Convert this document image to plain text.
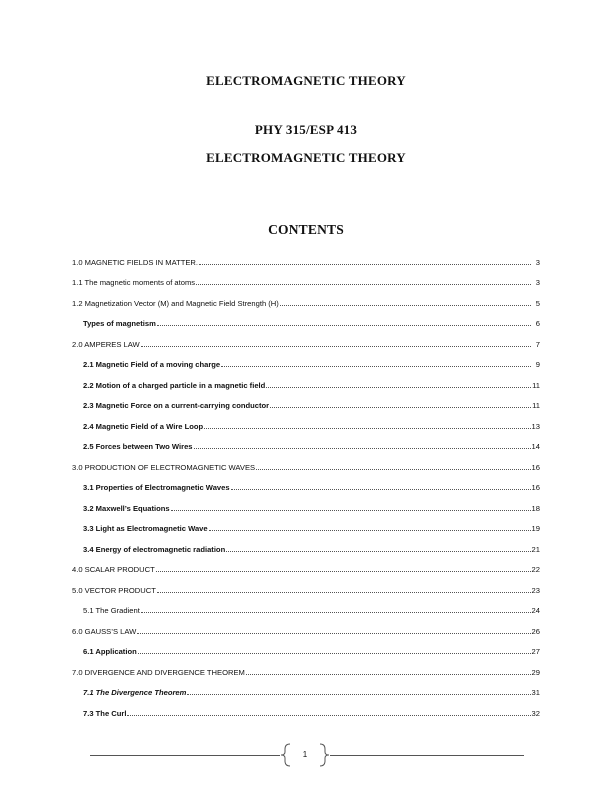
ELECTROMAGNETIC THEORY
PHY 315/ESP 413
ELECTROMAGNETIC THEORY
CONTENTS
1.0 MAGNETIC FIELDS IN MATTER.	3
1.1 The magnetic moments of atoms	3
1.2 Magnetization Vector (M) and Magnetic Field Strength (H)	5
Types of magnetism	6
2.0 AMPERES LAW	7
2.1 Magnetic Field of a moving charge	9
2.2 Motion of a charged particle in a magnetic field	11
2.3 Magnetic Force on a current-carrying conductor	11
2.4 Magnetic Field of a Wire Loop	13
2.5 Forces between Two Wires	14
3.0 PRODUCTION OF ELECTROMAGNETIC WAVES	16
3.1 Properties of Electromagnetic Waves	16
3.2 Maxwell’s Equations	18
3.3 Light as Electromagnetic Wave	19
3.4 Energy of electromagnetic radiation	21
4.0 SCALAR PRODUCT	22
5.0 VECTOR PRODUCT	23
5.1 The Gradient	24
6.0 GAUSS’S LAW	26
6.1 Application	27
7.0 DIVERGENCE AND DIVERGENCE THEOREM	29
7.1 The Divergence Theorem	31
7.3 The Curl	32
1
